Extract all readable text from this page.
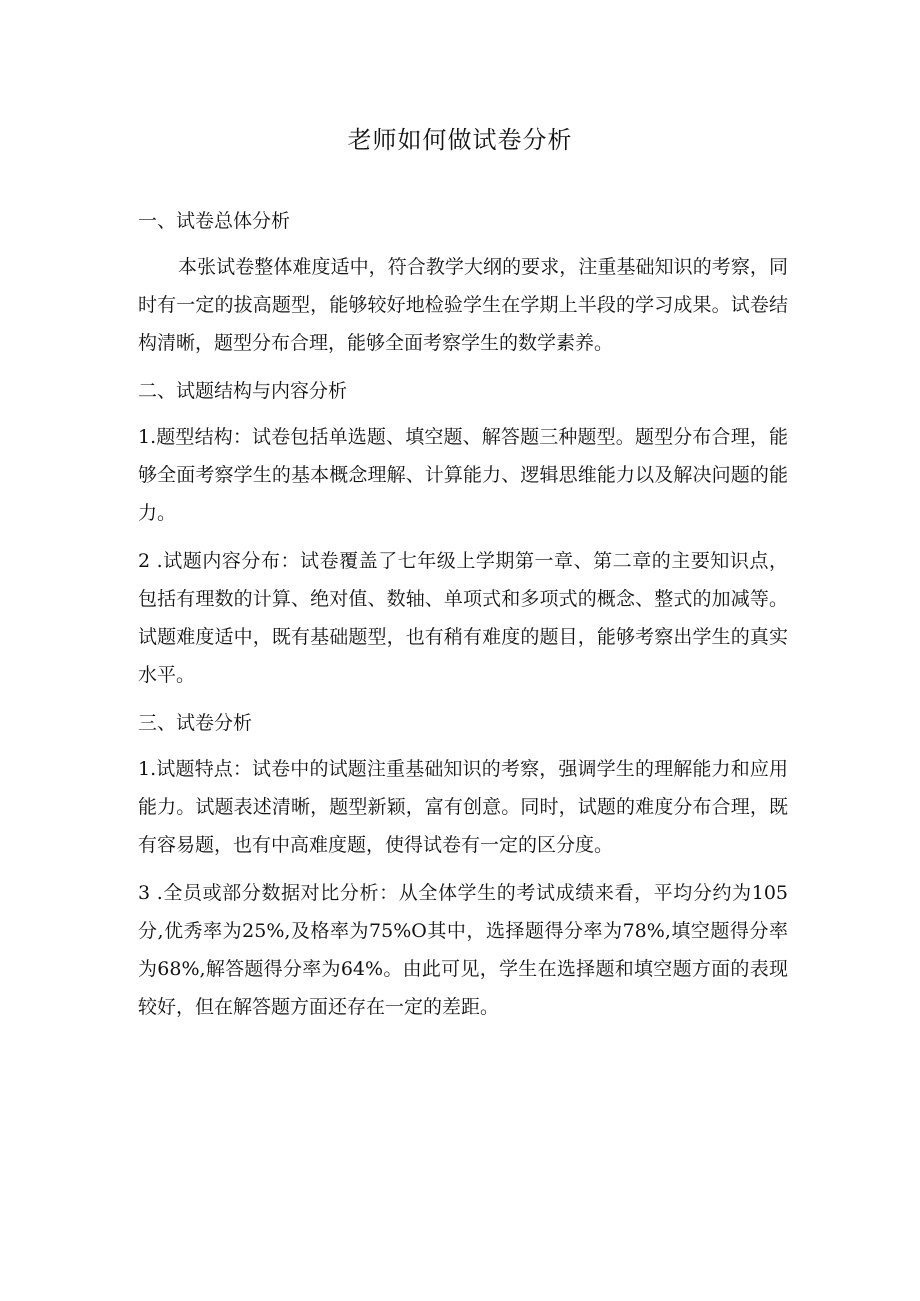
老师如何做试卷分析

一、试卷总体分析

本张试卷整体难度适中，符合教学大纲的要求，注重基础知识的考察，同时有一定的拔高题型，能够较好地检验学生在学期上半段的学习成果。试卷结构清晰，题型分布合理，能够全面考察学生的数学素养。

二、试题结构与内容分析

1.题型结构：试卷包括单选题、填空题、解答题三种题型。题型分布合理，能够全面考察学生的基本概念理解、计算能力、逻辑思维能力以及解决问题的能力。

2 .试题内容分布：试卷覆盖了七年级上学期第一章、第二章的主要知识点，包括有理数的计算、绝对值、数轴、单项式和多项式的概念、整式的加减等。试题难度适中，既有基础题型，也有稍有难度的题目，能够考察出学生的真实水平。

三、试卷分析

1.试题特点：试卷中的试题注重基础知识的考察，强调学生的理解能力和应用能力。试题表述清晰，题型新颖，富有创意。同时，试题的难度分布合理，既有容易题，也有中高难度题，使得试卷有一定的区分度。

3 .全员或部分数据对比分析：从全体学生的考试成绩来看，平均分约为105分,优秀率为25%,及格率为75%O其中，选择题得分率为78%,填空题得分率为68%,解答题得分率为64%。由此可见，学生在选择题和填空题方面的表现较好，但在解答题方面还存在一定的差距。
